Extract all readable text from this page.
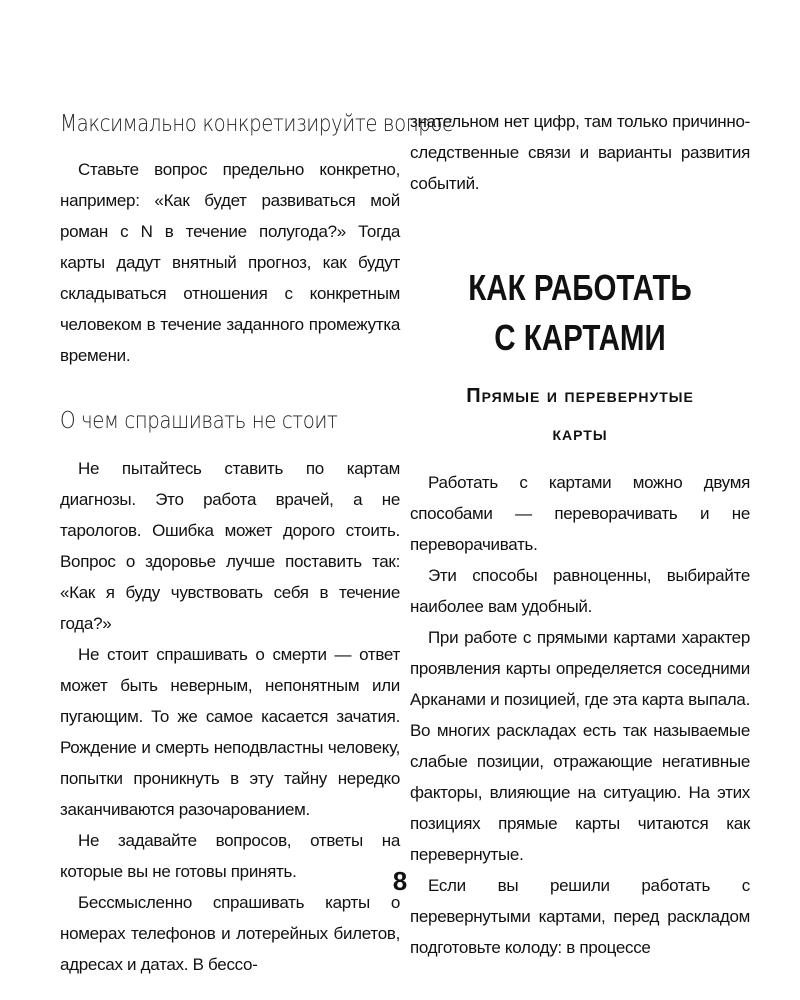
Максимально конкретизируйте вопрос

Ставьте вопрос предельно конкретно, например: «Как будет развиваться мой роман с N в течение полугода?» Тогда карты дадут внятный прогноз, как будут складываться отношения с конкретным человеком в течение заданного промежутка времени.

О чем спрашивать не стоит

Не пытайтесь ставить по картам диагнозы. Это работа врачей, а не тарологов. Ошибка может дорого стоить. Вопрос о здоровье лучше поставить так: «Как я буду чувствовать себя в течение года?»

Не стоит спрашивать о смерти — ответ может быть неверным, непонятным или пугающим. То же самое касается зачатия. Рождение и смерть неподвластны человеку, попытки проникнуть в эту тайну нередко заканчиваются разочарованием.

Не задавайте вопросов, ответы на которые вы не готовы принять.

Бессмысленно спрашивать карты о номерах телефонов и лотерейных билетов, адресах и датах. В бессо-

знательном нет цифр, там только причинно-следственные связи и варианты развития событий.

КАК РАБОТАТЬ

С КАРТАМИ

Прямые и перевернутые

карты

Работать с картами можно двумя способами — переворачивать и не переворачивать.

Эти способы равноценны, выбирайте наиболее вам удобный.

При работе с прямыми картами характер проявления карты определяется соседними Арканами и позицией, где эта карта выпала. Во многих раскладах есть так называемые слабые позиции, отражающие негативные факторы, влияющие на ситуацию. На этих позициях прямые карты читаются как перевернутые.

Если вы решили работать с перевернутыми картами, перед раскладом подготовьте колоду: в процессе

8
